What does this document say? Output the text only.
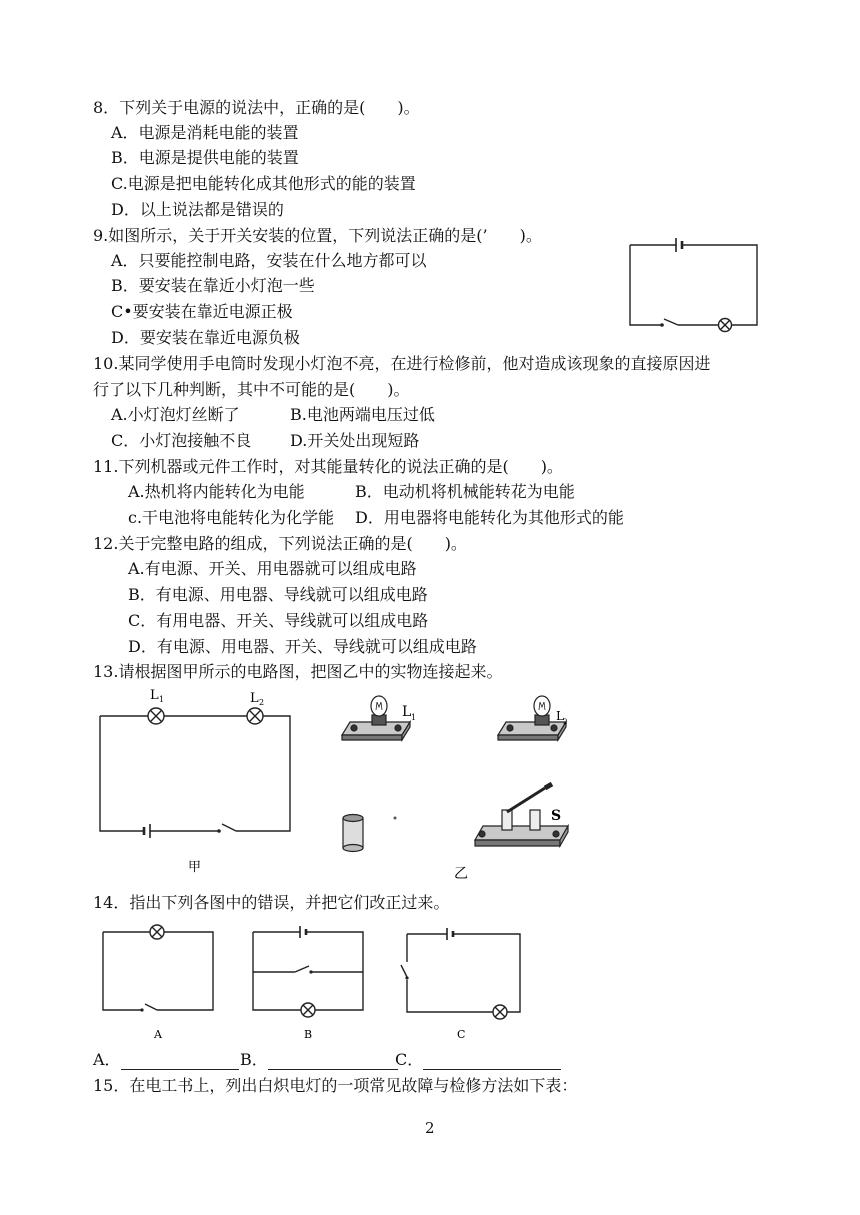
8．下列关于电源的说法中，正确的是(　　)。
A．电源是消耗电能的装置
B．电源是提供电能的装置
C.电源是把电能转化成其他形式的能的装置
D．以上说法都是错误的
9.如图所示，关于开关安装的位置，下列说法正确的是(’　　)。
A．只要能控制电路，安装在什么地方都可以
B．要安装在靠近小灯泡一些
C•要安装在靠近电源正极
D．要安装在靠近电源负极
10.某同学使用手电筒时发现小灯泡不亮，在进行检修前，他对造成该现象的直接原因进
行了以下几种判断，其中不可能的是(　　)。
A.小灯泡灯丝断了	B.电池两端电压过低
C．小灯泡接触不良 D.开关处出现短路
11.下列机器或元件工作时，对其能量转化的说法正确的是(　　)。
A.热机将内能转化为电能	B．电动机将机械能转花为电能
c.干电池将电能转化为化学能 D．用电器将电能转化为其他形式的能
12.关于完整电路的组成，下列说法正确的是(　　)。
A.有电源、开关、用电器就可以组成电路
B．有电源、用电器、导线就可以组成电路
C．有用电器、开关、导线就可以组成电路
D．有电源、用电器、开关、导线就可以组成电路
13.请根据图甲所示的电路图，把图乙中的实物连接起来。
L 1	L 2
甲
L 1	L 2
S
乙
14．指出下列各图中的错误，并把它们改正过来。
A	B	C
A．	B．	C．
15．在电工书上，列出白炽电灯的一项常见故障与检修方法如下表：
2
